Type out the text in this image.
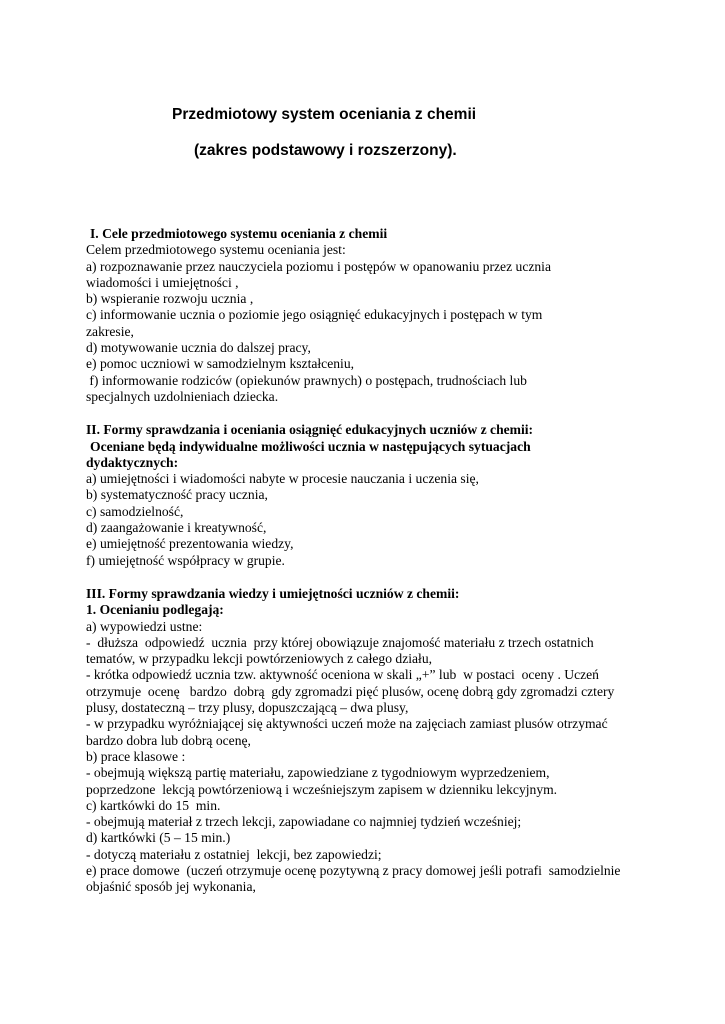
Przedmiotowy system oceniania z chemii
(zakres podstawowy i rozszerzony).

I. Cele przedmiotowego systemu oceniania z chemii

Celem przedmiotowego systemu oceniania jest:

a) rozpoznawanie przez nauczyciela poziomu i postępów w opanowaniu przez ucznia

wiadomości i umiejętności ,

b) wspieranie rozwoju ucznia ,

c) informowanie ucznia o poziomie jego osiągnięć edukacyjnych i postępach w tym

zakresie,

d) motywowanie ucznia do dalszej pracy,

e) pomoc uczniowi w samodzielnym kształceniu,

f) informowanie rodziców (opiekunów prawnych) o postępach, trudnościach lub

specjalnych uzdolnieniach dziecka.

II. Formy sprawdzania i oceniania osiągnięć edukacyjnych uczniów z chemii:

Oceniane będą indywidualne możliwości ucznia w następujących sytuacjach

dydaktycznych:

a) umiejętności i wiadomości nabyte w procesie nauczania i uczenia się,

b) systematyczność pracy ucznia,

c) samodzielność,

d) zaangażowanie i kreatywność,

e) umiejętność prezentowania wiedzy,

f) umiejętność współpracy w grupie.

III. Formy sprawdzania wiedzy i umiejętności uczniów z chemii:

1. Ocenianiu podlegają:

a) wypowiedzi ustne:

-  dłuższa  odpowiedź  ucznia  przy której obowiązuje znajomość materiału z trzech ostatnich

tematów, w przypadku lekcji powtórzeniowych z całego działu,

- krótka odpowiedź ucznia tzw. aktywność oceniona w skali „+” lub  w postaci  oceny . Uczeń

otrzymuje  ocenę   bardzo  dobrą  gdy zgromadzi pięć plusów, ocenę dobrą gdy zgromadzi cztery

plusy, dostateczną – trzy plusy, dopuszczającą – dwa plusy,

- w przypadku wyróżniającej się aktywności uczeń może na zajęciach zamiast plusów otrzymać

bardzo dobra lub dobrą ocenę,

b) prace klasowe :

- obejmują większą partię materiału, zapowiedziane z tygodniowym wyprzedzeniem,

poprzedzone  lekcją powtórzeniową i wcześniejszym zapisem w dzienniku lekcyjnym.

c) kartkówki do 15  min.

- obejmują materiał z trzech lekcji, zapowiadane co najmniej tydzień wcześniej;

d) kartkówki (5 – 15 min.)

- dotyczą materiału z ostatniej  lekcji, bez zapowiedzi;

e) prace domowe  (uczeń otrzymuje ocenę pozytywną z pracy domowej jeśli potrafi  samodzielnie

objaśnić sposób jej wykonania,
